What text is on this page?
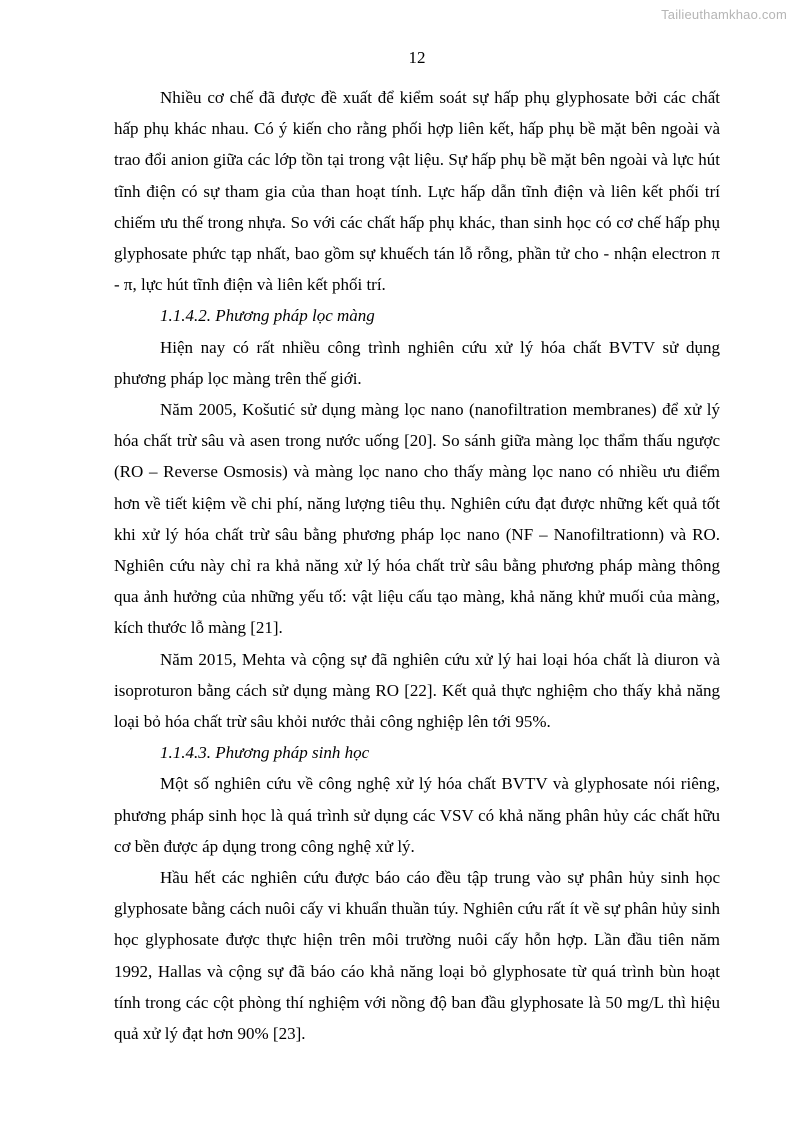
Tailieuthamkhao.com
12

Nhiều cơ chế đã được đề xuất để kiểm soát sự hấp phụ glyphosate bởi các chất hấp phụ khác nhau. Có ý kiến cho rằng phối hợp liên kết, hấp phụ bề mặt bên ngoài và trao đổi anion giữa các lớp tồn tại trong vật liệu. Sự hấp phụ bề mặt bên ngoài và lực hút tĩnh điện có sự tham gia của than hoạt tính. Lực hấp dẫn tĩnh điện và liên kết phối trí chiếm ưu thế trong nhựa. So với các chất hấp phụ khác, than sinh học có cơ chế hấp phụ glyphosate phức tạp nhất, bao gồm sự khuếch tán lỗ rỗng, phần tử cho - nhận electron π - π, lực hút tĩnh điện và liên kết phối trí.

1.1.4.2. Phương pháp lọc màng

Hiện nay có rất nhiều công trình nghiên cứu xử lý hóa chất BVTV sử dụng phương pháp lọc màng trên thế giới.

Năm 2005, Košutić sử dụng màng lọc nano (nanofiltration membranes) để xử lý hóa chất trừ sâu và asen trong nước uống [20]. So sánh giữa màng lọc thẩm thấu ngược (RO – Reverse Osmosis) và màng lọc nano cho thấy màng lọc nano có nhiều ưu điểm hơn về tiết kiệm về chi phí, năng lượng tiêu thụ. Nghiên cứu đạt được những kết quả tốt khi xử lý hóa chất trừ sâu bằng phương pháp lọc nano (NF – Nanofiltrationn) và RO. Nghiên cứu này chỉ ra khả năng xử lý hóa chất trừ sâu bằng phương pháp màng thông qua ảnh hưởng của những yếu tố: vật liệu cấu tạo màng, khả năng khử muối của màng, kích thước lỗ màng [21].

Năm 2015, Mehta và cộng sự đã nghiên cứu xử lý hai loại hóa chất là diuron và isoproturon bằng cách sử dụng màng RO [22]. Kết quả thực nghiệm cho thấy khả năng loại bỏ hóa chất trừ sâu khỏi nước thải công nghiệp lên tới 95%.

1.1.4.3. Phương pháp sinh học

Một số nghiên cứu về công nghệ xử lý hóa chất BVTV và glyphosate nói riêng, phương pháp sinh học là quá trình sử dụng các VSV có khả năng phân hủy các chất hữu cơ bền được áp dụng trong công nghệ xử lý.

Hầu hết các nghiên cứu được báo cáo đều tập trung vào sự phân hủy sinh học glyphosate bằng cách nuôi cấy vi khuẩn thuần túy. Nghiên cứu rất ít về sự phân hủy sinh học glyphosate được thực hiện trên môi trường nuôi cấy hỗn hợp. Lần đầu tiên năm 1992, Hallas và cộng sự đã báo cáo khả năng loại bỏ glyphosate từ quá trình bùn hoạt tính trong các cột phòng thí nghiệm với nồng độ ban đầu glyphosate là 50 mg/L thì hiệu quả xử lý đạt hơn 90% [23].
